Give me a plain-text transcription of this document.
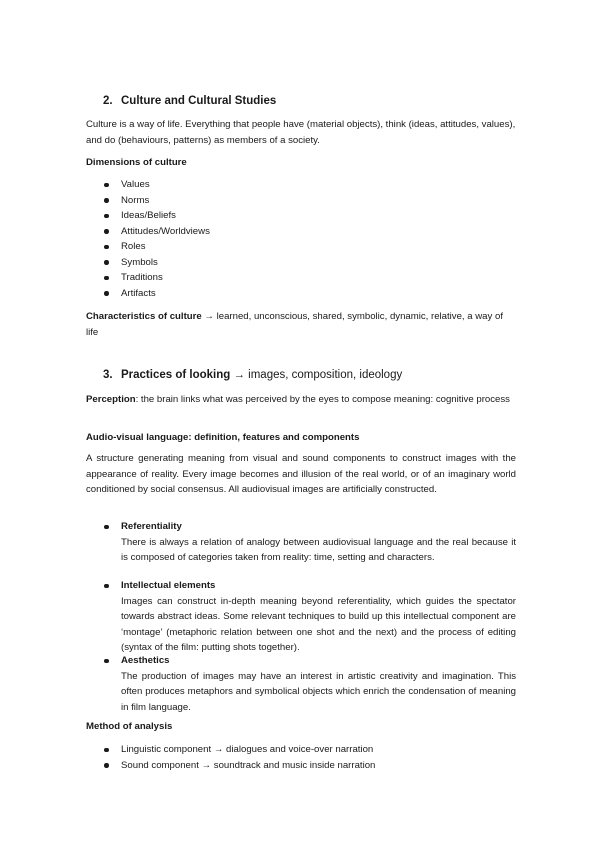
2. Culture and Cultural Studies
Culture is a way of life. Everything that people have (material objects), think (ideas, attitudes, values), and do (behaviours, patterns) as members of a society.
Dimensions of culture
Values
Norms
Ideas/Beliefs
Attitudes/Worldviews
Roles
Symbols
Traditions
Artifacts
Characteristics of culture → learned, unconscious, shared, symbolic, dynamic, relative, a way of life
3. Practices of looking → images, composition, ideology
Perception: the brain links what was perceived by the eyes to compose meaning: cognitive process
Audio-visual language: definition, features and components
A structure generating meaning from visual and sound components to construct images with the appearance of reality. Every image becomes and illusion of the real world, or of an imaginary world conditioned by social consensus. All audiovisual images are artificially constructed.
Referentiality
There is always a relation of analogy between audiovisual language and the real because it is composed of categories taken from reality: time, setting and characters.
Intellectual elements
Images can construct in-depth meaning beyond referentiality, which guides the spectator towards abstract ideas. Some relevant techniques to build up this intellectual component are ‘montage’ (metaphoric relation between one shot and the next) and the process of editing (syntax of the film: putting shots together).
Aesthetics
The production of images may have an interest in artistic creativity and imagination. This often produces metaphors and symbolical objects which enrich the condensation of meaning in film language.
Method of analysis
Linguistic component → dialogues and voice-over narration
Sound component → soundtrack and music inside narration
